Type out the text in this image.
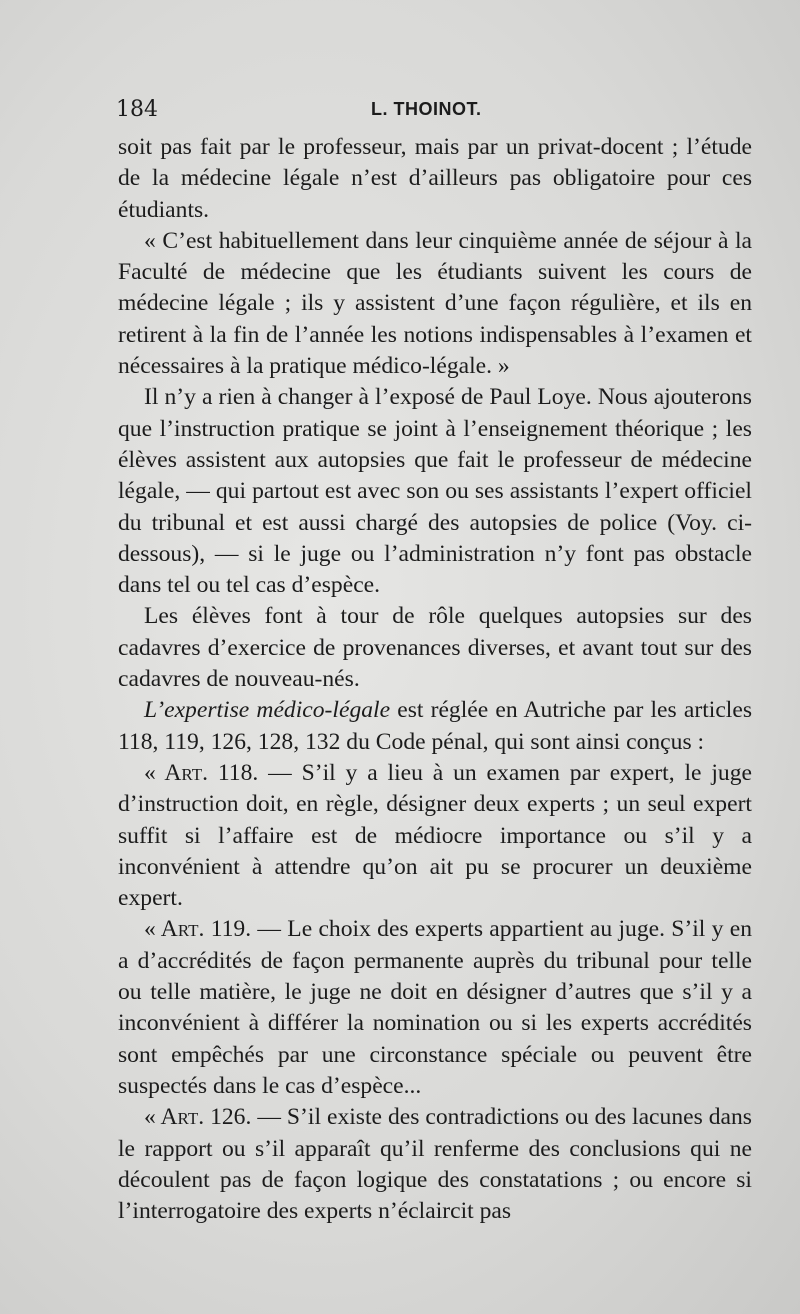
184	L. THOINOT.

soit pas fait par le professeur, mais par un privat-docent ; l’étude de la médecine légale n’est d’ailleurs pas obligatoire pour ces étudiants.

« C’est habituellement dans leur cinquième année de séjour à la Faculté de médecine que les étudiants suivent les cours de médecine légale ; ils y assistent d’une façon régulière, et ils en retirent à la fin de l’année les notions indispensables à l’examen et nécessaires à la pratique médico-légale. »

Il n’y a rien à changer à l’exposé de Paul Loye. Nous ajouterons que l’instruction pratique se joint à l’enseignement théorique ; les élèves assistent aux autopsies que fait le professeur de médecine légale, — qui partout est avec son ou ses assistants l’expert officiel du tribunal et est aussi chargé des autopsies de police (Voy. ci-dessous), — si le juge ou l’administration n’y font pas obstacle dans tel ou tel cas d’espèce.

Les élèves font à tour de rôle quelques autopsies sur des cadavres d’exercice de provenances diverses, et avant tout sur des cadavres de nouveau-nés.

L’expertise médico-légale est réglée en Autriche par les articles 118, 119, 126, 128, 132 du Code pénal, qui sont ainsi conçus :

« Art. 118. — S’il y a lieu à un examen par expert, le juge d’instruction doit, en règle, désigner deux experts ; un seul expert suffit si l’affaire est de médiocre importance ou s’il y a inconvénient à attendre qu’on ait pu se procurer un deuxième expert.

« Art. 119. — Le choix des experts appartient au juge. S’il y en a d’accrédités de façon permanente auprès du tribunal pour telle ou telle matière, le juge ne doit en désigner d’autres que s’il y a inconvénient à différer la nomination ou si les experts accrédités sont empêchés par une circonstance spéciale ou peuvent être suspectés dans le cas d’espèce...

« Art. 126. — S’il existe des contradictions ou des lacunes dans le rapport ou s’il apparaît qu’il renferme des conclusions qui ne découlent pas de façon logique des constatations ; ou encore si l’interrogatoire des experts n’éclaircit pas
